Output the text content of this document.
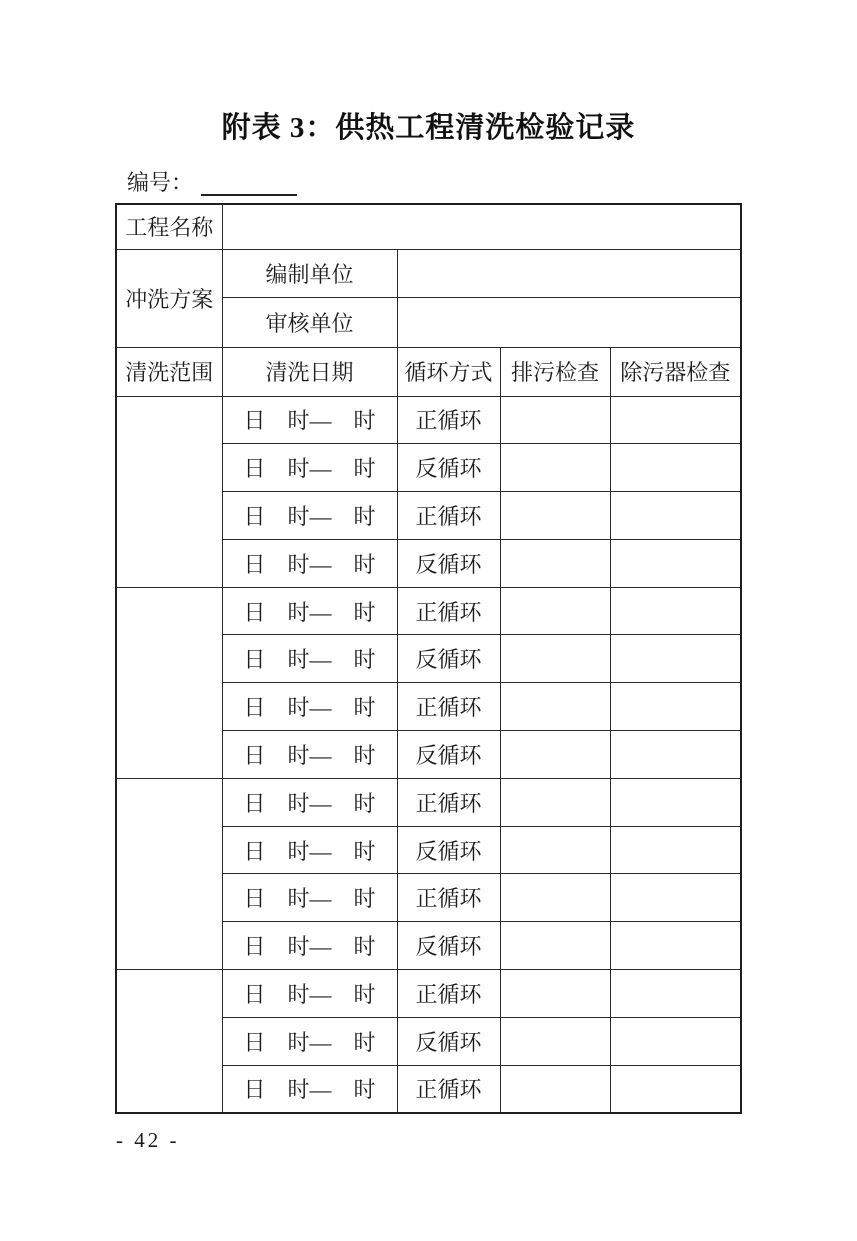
附表 3：供热工程清洗检验记录
编号：
工程名称				
冲洗方案	编制单位			
	审核单位			
清洗范围	清洗日期	循环方式	排污检查	除污器检查
	日　时—　时	正循环		
	日　时—　时	反循环		
	日　时—　时	正循环		
	日　时—　时	反循环		
	日　时—　时	正循环		
	日　时—　时	反循环		
	日　时—　时	正循环		
	日　时—　时	反循环		
	日　时—　时	正循环		
	日　时—　时	反循环		
	日　时—　时	正循环		
	日　时—　时	反循环		
	日　时—　时	正循环		
	日　时—　时	反循环		
	日　时—　时	正循环		
- 42 -
